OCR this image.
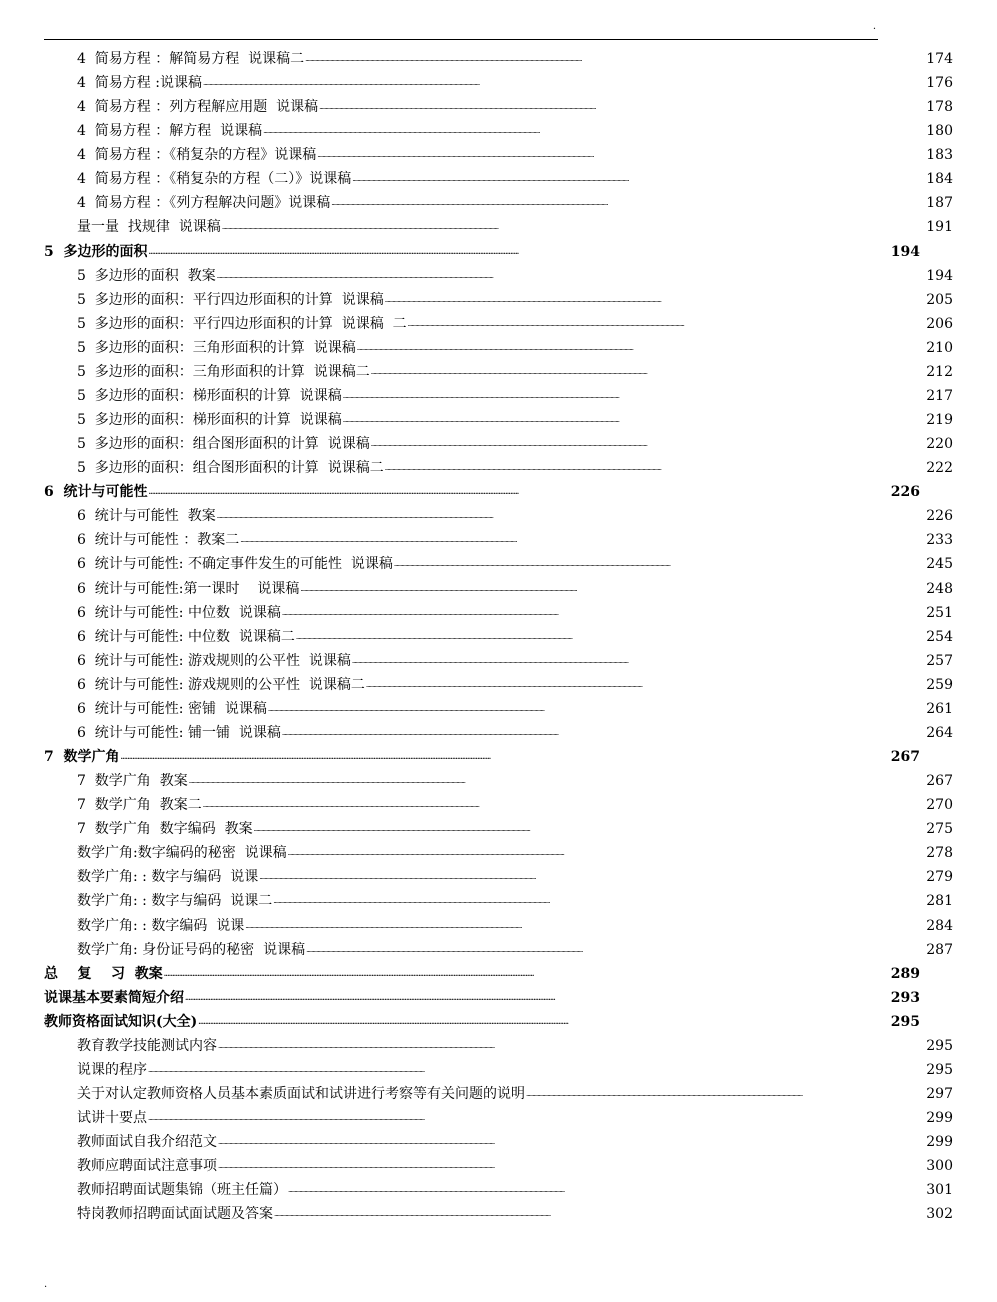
.
4  简易方程 ：解简易方程  说课稿二 . . .	174
4  简易方程 :说课稿 . . .	176
4  简易方程 ：列方程解应用题  说课稿 . . .	178
4  简易方程 ：解方程  说课稿 . . .	180
4  简易方程 ：《稍复杂的方程》说课稿 . . .	183
4  简易方程 ：《稍复杂的方程（二）》说课稿 . . .	184
4  简易方程 ：《列方程解决问题》说课稿 . . .	187
量一量  找规律  说课稿 . . .	191
5  多边形的面积 . . .	194
5  多边形的面积  教案 . . .	194
5  多边形的面积：平行四边形面积的计算  说课稿 . . .	205
5  多边形的面积：平行四边形面积的计算  说课稿  二 . . .	206
5  多边形的面积：三角形面积的计算  说课稿 . . .	210
5  多边形的面积：三角形面积的计算  说课稿二 . . .	212
5  多边形的面积：梯形面积的计算  说课稿 . . .	217
5  多边形的面积：梯形面积的计算  说课稿 . . .	219
5  多边形的面积：组合图形面积的计算  说课稿 . . .	220
5  多边形的面积：组合图形面积的计算  说课稿二 . . .	222
6  统计与可能性 . . .	226
6  统计与可能性  教案 . . .	226
6  统计与可能性 ：教案二 . . .	233
6  统计与可能性: 不确定事件发生的可能性  说课稿 . . .	245
6  统计与可能性:第一课时    说课稿 . . .	248
6  统计与可能性: 中位数  说课稿 . . .	251
6  统计与可能性: 中位数  说课稿二 . . .	254
6  统计与可能性: 游戏规则的公平性  说课稿 . . .	257
6  统计与可能性: 游戏规则的公平性  说课稿二 . . .	259
6  统计与可能性: 密铺  说课稿 . . .	261
6  统计与可能性: 铺一铺  说课稿 . . .	264
7  数学广角 . . .	267
7  数学广角  教案 . . .	267
7  数学广角  教案二 . . .	270
7  数学广角  数字编码  教案 . . .	275
数学广角:数字编码的秘密  说课稿 . . .	278
数学广角: : 数字与编码  说课 . . .	279
数学广角: : 数字与编码  说课二 . . .	281
数学广角: : 数字编码  说课 . . .	284
数学广角: 身份证号码的秘密  说课稿 . . .	287
总    复    习  教案 . . .	289
说课基本要素简短介绍 . . .	293
教师资格面试知识(大全) . . .	295
教育教学技能测试内容 . . .	295
说课的程序 . . .	295
关于对认定教师资格人员基本素质面试和试讲进行考察等有关问题的说明 . . .	297
试讲十要点 . . .	299
教师面试自我介绍范文 . . .	299
教师应聘面试注意事项 . . .	300
教师招聘面试题集锦（班主任篇） . . .	301
特岗教师招聘面试面试题及答案 . . .	302
.
